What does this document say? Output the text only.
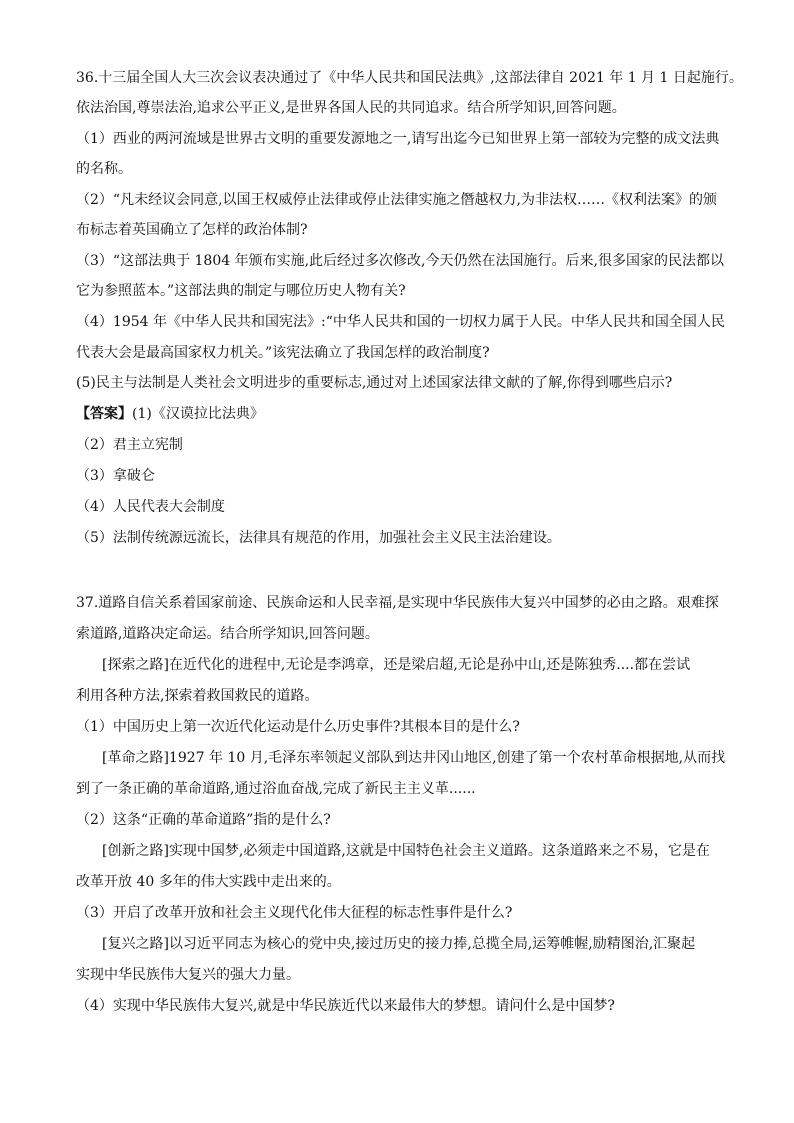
36.十三届全国人大三次会议表决通过了《中华人民共和国民法典》,这部法律自 2021 年 1 月 1 日起施行。
依法治国,尊崇法治,追求公平正义,是世界各国人民的共同追求。结合所学知识,回答问题。
（1）西业的两河流域是世界古文明的重要发源地之一,请写出迄今已知世界上第一部较为完整的成文法典
的名称。
（2）“凡未经议会同意,以国王权威停止法律或停止法律实施之僭越权力,为非法权……《权利法案》的颁
布标志着英国确立了怎样的政治体制?
（3）“这部法典于 1804 年颁布实施,此后经过多次修改,今天仍然在法国施行。后来,很多国家的民法都以
它为参照蓝本。”这部法典的制定与哪位历史人物有关?
（4）1954 年《中华人民共和国宪法》:“中华人民共和国的一切权力属于人民。中华人民共和国全国人民
代表大会是最高国家权力机关。”该宪法确立了我国怎样的政治制度?
(5)民主与法制是人类社会文明进步的重要标志,通过对上述国家法律文献的了解,你得到哪些启示?
【答案】(1)《汉谟拉比法典》
（2）君主立宪制
（3）拿破仑
（4）人民代表大会制度
（5）法制传统源远流长，法律具有规范的作用，加强社会主义民主法治建设。
37.道路自信关系着国家前途、民族命运和人民幸福,是实现中华民族伟大复兴中国梦的必由之路。艰难探
索道路,道路决定命运。结合所学知识,回答问题。
[探索之路]在近代化的进程中,无论是李鸿章，还是梁启超,无论是孙中山,还是陈独秀....都在尝试
利用各种方法,探索着救国救民的道路。
（1）中国历史上第一次近代化运动是什么历史事件?其根本目的是什么?
[革命之路]1927 年 10 月,毛泽东率领起义部队到达井冈山地区,创建了第一个农村革命根据地,从而找
到了一条正确的革命道路,通过浴血奋战,完成了新民主主义革......
（2）这条“正确的革命道路”指的是什么?
[创新之路]实现中国梦,必须走中国道路,这就是中国特色社会主义道路。这条道路来之不易，它是在
改革开放 40 多年的伟大实践中走出来的。
（3）开启了改革开放和社会主义现代化伟大征程的标志性事件是什么?
[复兴之路]以习近平同志为核心的党中央,接过历史的接力捧,总揽全局,运筹帷幄,励精图治,汇聚起
实现中华民族伟大复兴的强大力量。
（4）实现中华民族伟大复兴,就是中华民族近代以来最伟大的梦想。请问什么是中国梦?
